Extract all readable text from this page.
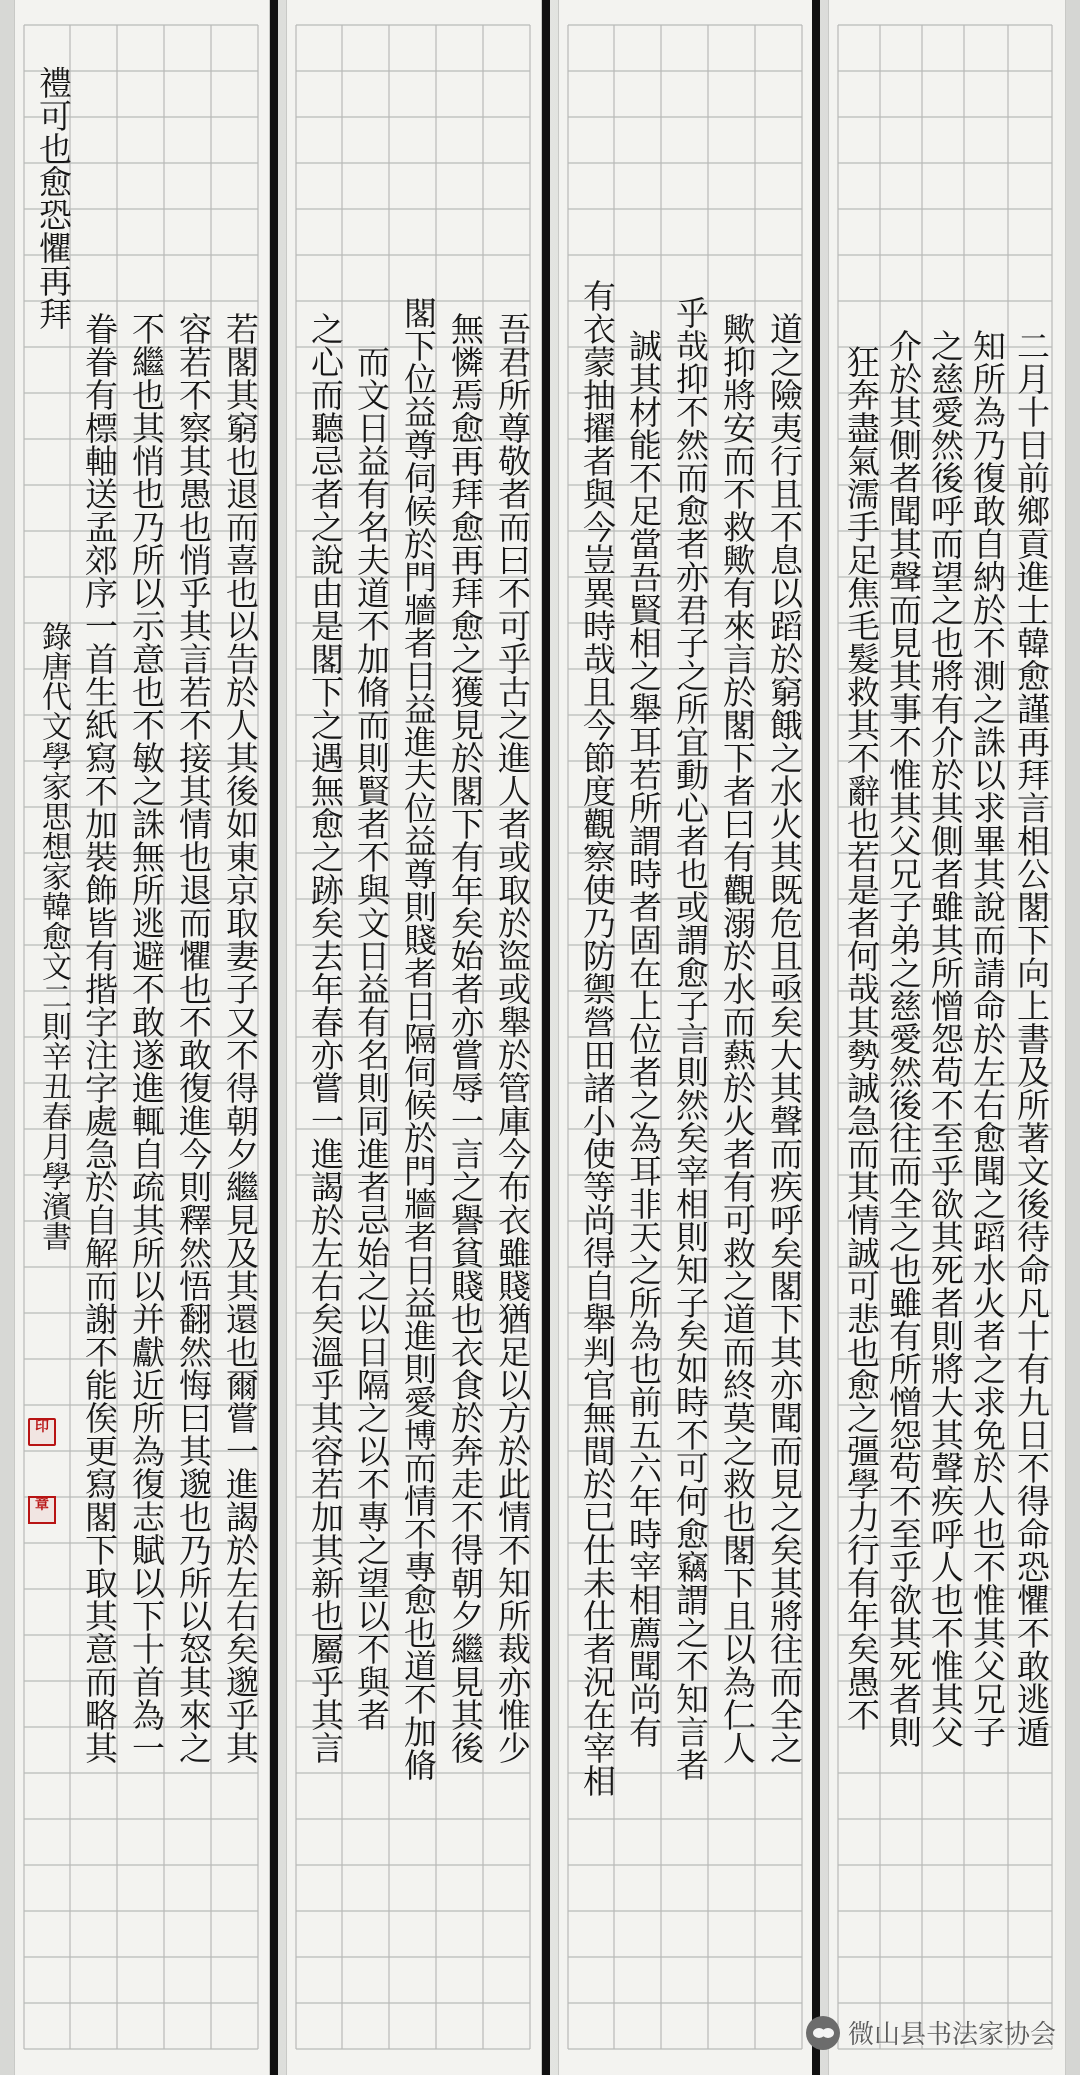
禮可也愈恐懼再拜
錄唐代文學家思想家韓愈文二則辛丑春月學濱書 眷眷有標軸送孟郊序一首生紙寫不加裝飾皆有揩字注字處急於自解而謝不能俟更寫閣下取其意而略其 不繼也其悄也乃所以示意也不敏之誅無所逃避不敢遂進輒自疏其所以并獻近所為復志賦以下十首為一 容若不察其愚也悄乎其言若不接其情也退而懼也不敢復進今則釋然悟翻然悔曰其邈也乃所以怒其來之 若閣其窮也退而喜也以告於人其後如東京取妻子又不得朝夕繼見及其還也爾嘗一進謁於左右矣邈乎其
印
章	之心而聽忌者之說由是閣下之遇無愈之跡矣去年春亦嘗一進謁於左右矣溫乎其容若加其新也屬乎其言 而文日益有名夫道不加脩而則賢者不與文日益有名則同進者忌始之以日隔之以不專之望以不與者 閣下位益尊伺候於門牆者日益進夫位益尊則賤者日隔伺候於門牆者日益進則愛博而情不專愈也道不加脩 無憐焉愈再拜愈再拜愈之獲見於閣下有年矣始者亦嘗辱一言之譽貧賤也衣食於奔走不得朝夕繼見其後 吾君所尊敬者而曰不可乎古之進人者或取於盜或舉於管庫今布衣雖賤猶足以方於此情不知所裁亦惟少	有衣蒙抽擢者與今豈異時哉且今節度觀察使乃防禦營田諸小使等尚得自舉判官無間於已仕未仕者況在宰相 誠其材能不足當吾賢相之舉耳若所謂時者固在上位者之為耳非天之所為也前五六年時宰相薦聞尚有 乎哉抑不然而愈者亦君子之所宜動心者也或謂愈子言則然矣宰相則知子矣如時不可何愈竊謂之不知言者 歟抑將安而不救歟有來言於閣下者曰有觀溺於水而爇於火者有可救之道而終莫之救也閣下且以為仁人 道之險夷行且不息以蹈於窮餓之水火其既危且亟矣大其聲而疾呼矣閣下其亦聞而見之矣其將往而全之	狂奔盡氣濡手足焦毛髮救其不辭也若是者何哉其勢誠急而其情誠可悲也愈之彊學力行有年矣愚不 介於其側者聞其聲而見其事不惟其父兄子弟之慈愛然後往而全之也雖有所憎怨苟不至乎欲其死者則 之慈愛然後呼而望之也將有介於其側者雖其所憎怨苟不至乎欲其死者則將大其聲疾呼人也不惟其父 知所為乃復敢自納於不測之誅以求畢其說而請命於左右愈聞之蹈水火者之求免於人也不惟其父兄子 二月十日前鄉貢進士韓愈謹再拜言相公閣下向上書及所著文後待命凡十有九日不得命恐懼不敢逃遁
微山县书法家协会
